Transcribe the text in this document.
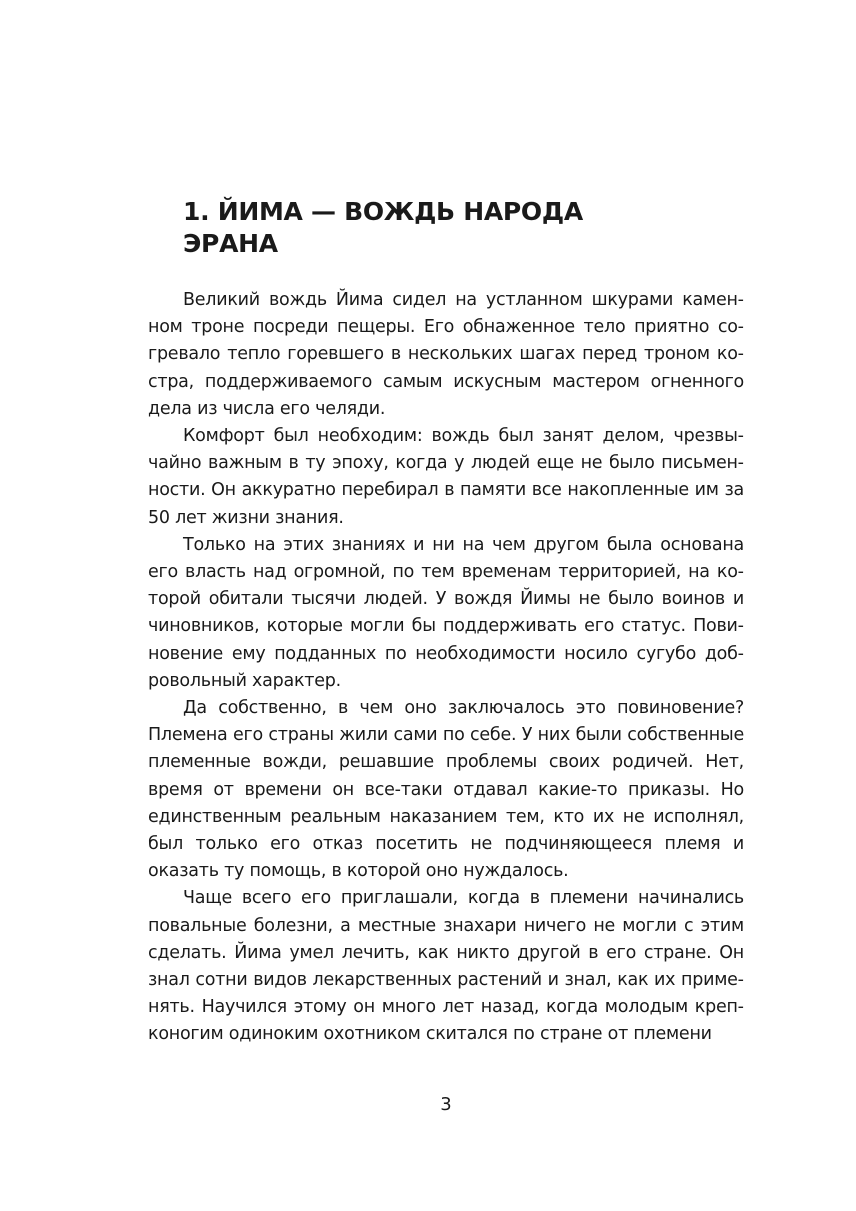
1. ЙИМА — ВОЖДЬ НАРОДА
ЭРАНА

Великий вождь Йима сидел на устланном шкурами каменном троне посреди пещеры. Его обнаженное тело приятно согревало тепло горевшего в нескольких шагах перед троном костра, поддерживаемого самым искусным мастером огненного дела из числа его челяди.

Комфорт был необходим: вождь был занят делом, чрезвычайно важным в ту эпоху, когда у людей еще не было письменности. Он аккуратно перебирал в памяти все накопленные им за 50 лет жизни знания.

Только на этих знаниях и ни на чем другом была основана его власть над огромной, по тем временам территорией, на которой обитали тысячи людей. У вождя Йимы не было воинов и чиновников, которые могли бы поддерживать его статус. Повиновение ему подданных по необходимости носило сугубо добровольный характер.

Да собственно, в чем оно заключалось это повиновение? Племена его страны жили сами по себе. У них были собственные племенные вожди, решавшие проблемы своих родичей. Нет, время от времени он все-таки отдавал какие-то приказы. Но единственным реальным наказанием тем, кто их не исполнял, был только его отказ посетить не подчиняющееся племя и оказать ту помощь, в которой оно нуждалось.

Чаще всего его приглашали, когда в племени начинались повальные болезни, а местные знахари ничего не могли с этим сделать. Йима умел лечить, как никто другой в его стране. Он знал сотни видов лекарственных растений и знал, как их применять. Научился этому он много лет назад, когда молодым крепконогим одиноким охотником скитался по стране от племени

3
